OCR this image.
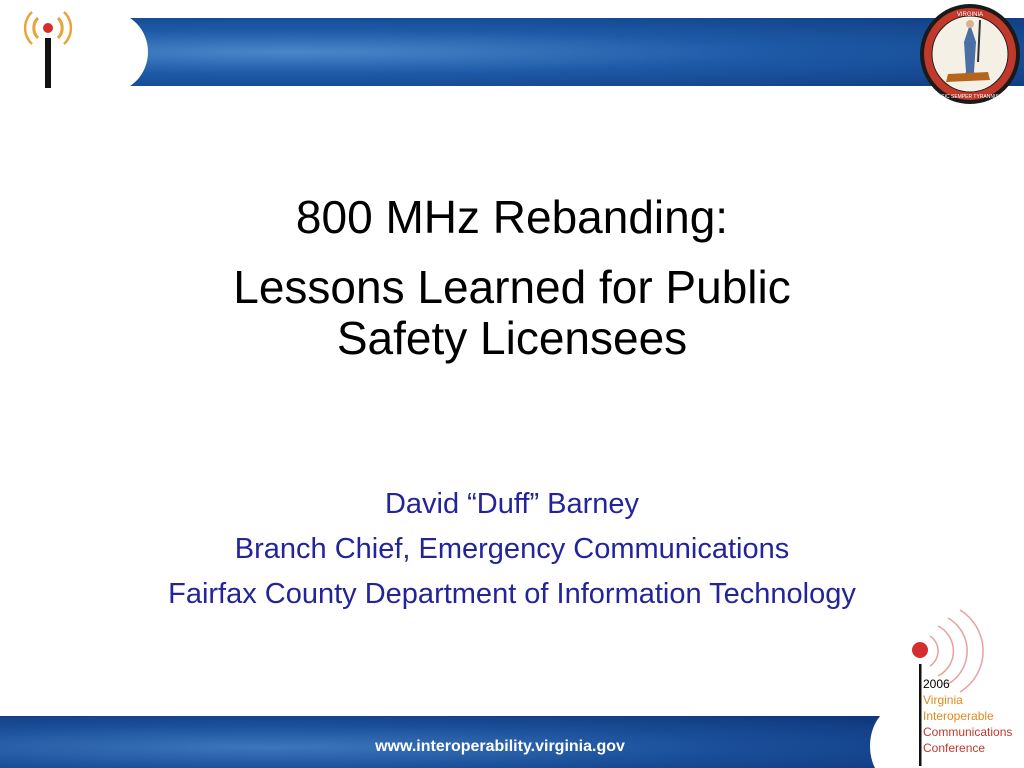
VIRGINIA
SIC SEMPER TYRANNIS
800 MHz Rebanding:
Lessons Learned for Public
Safety Licensees
David “Duff” Barney
Branch Chief, Emergency Communications
Fairfax County Department of Information Technology
www.interoperability.virginia.gov
2006
Virginia
Interoperable
Communications
Conference
